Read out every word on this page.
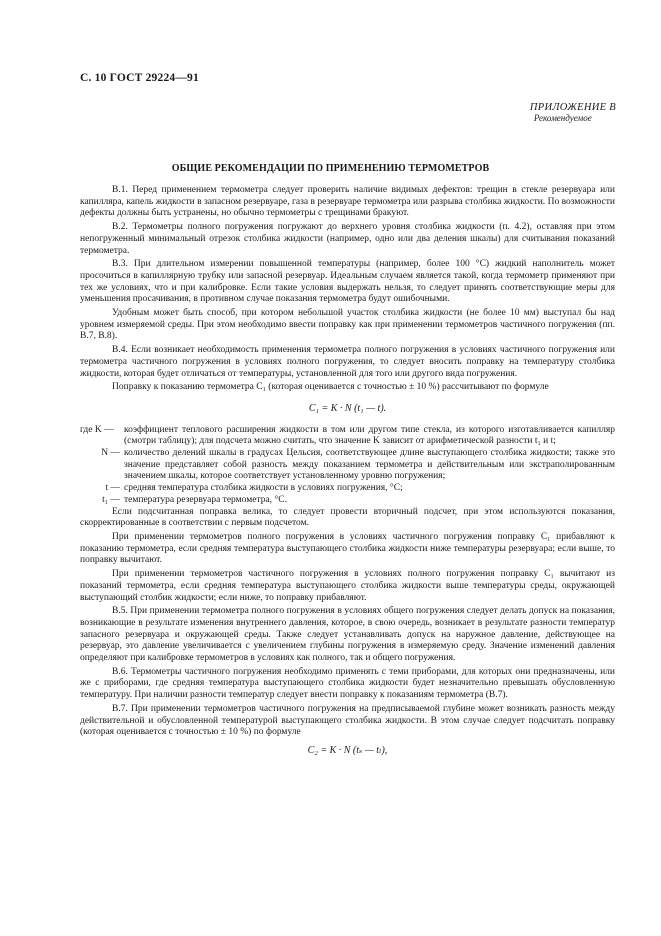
С. 10 ГОСТ 29224—91
ПРИЛОЖЕНИЕ В
Рекомендуемое
ОБЩИЕ РЕКОМЕНДАЦИИ ПО ПРИМЕНЕНИЮ ТЕРМОМЕТРОВ

В.1. Перед применением термометра следует проверить наличие видимых дефектов: трещин в стекле резервуара или капилляра, капель жидкости в запасном резервуаре, газа в резервуаре термометра или разрыва столбика жидкости. По возможности дефекты должны быть устранены, но обычно термометры с трещинами бракуют.

В.2. Термометры полного погружения погружают до верхнего уровня столбика жидкости (п. 4.2), оставляя при этом непогруженный минимальный отрезок столбика жидкости (например, одно или два деления шкалы) для считывания показаний термометра.

В.3. При длительном измерении повышенной температуры (например, более 100 °С) жидкий наполнитель может просочиться в капиллярную трубку или запасной резервуар. Идеальным случаем является такой, когда термометр применяют при тех же условиях, что и при калибровке. Если такие условия выдержать нельзя, то следует принять соответствующие меры для уменьшения просачивания, в противном случае показания термометра будут ошибочными.

Удобным может быть способ, при котором небольшой участок столбика жидкости (не более 10 мм) выступал бы над уровнем измеряемой среды. При этом необходимо ввести поправку как при применении термометров частичного погружения (пп. В.7, В.8).

В.4. Если возникает необходимость применения термометра полного погружения в условиях частичного погружения или термометра частичного погружения в условиях полного погружения, то следует вносить поправку на температуру столбика жидкости, которая будет отличаться от температуры, установленной для того или другого вида погружения.

Поправку к показанию термометра С₁ (которая оценивается с точностью ± 10 %) рассчитывают по формуле

C₁ = K · N (t₁ — t).
где K —	коэффициент теплового расширения жидкости в том или другом типе стекла, из которого изготавливается капилляр (смотри таблицу); для подсчета можно считать, что значение K зависит от арифметической разности t₁ и t;
N — количество делений шкалы в градусах Цельсия, соответствующее длине выступающего столбика жидкости; также это значение представляет собой разность между показанием термометра и действительным или экстраполированным значением шкалы, которое соответствует установленному уровню погружения;
t — средняя температура столбика жидкости в условиях погружения, °С;
t₁ — температура резервуара термометра, °С.

Если подсчитанная поправка велика, то следует провести вторичный подсчет, при этом используются показания, скорректированные в соответствии с первым подсчетом.

При применении термометров полного погружения в условиях частичного погружения поправку С₁ прибавляют к показанию термометра, если средняя температура выступающего столбика жидкости ниже температуры резервуара; если выше, то поправку вычитают.

При применении термометров частичного погружения в условиях полного погружения поправку С₁ вычитают из показаний термометра, если средняя температура выступающего столбика жидкости выше температуры среды, окружающей выступающий столбик жидкости; если ниже, то поправку прибавляют.

В.5. При применении термометра полного погружения в условиях общего погружения следует делать допуск на показания, возникающие в результате изменения внутреннего давления, которое, в свою очередь, возникает в результате разности температур запасного резервуара и окружающей среды. Также следует устанавливать допуск на наружное давление, действующее на резервуар, это давление увеличивается с увеличением глубины погружения в измеряемую среду. Значение изменений давления определяют при калибровке термометров в условиях как полного, так и общего погружения.

В.6. Термометры частичного погружения необходимо применять с теми приборами, для которых они предназначены, или же с приборами, где средняя температура выступающего столбика жидкости будет незначительно превышать обусловленную температуру. При наличии разности температур следует внести поправку к показаниям термометра (В.7).

В.7. При применении термометров частичного погружения на предписываемой глубине может возникать разность между действительной и обусловленной температурой выступающего столбика жидкости. В этом случае следует подсчитать поправку (которая оценивается с точностью ± 10 %) по формуле

C₂ = K · N (tₛ — tₗ),
